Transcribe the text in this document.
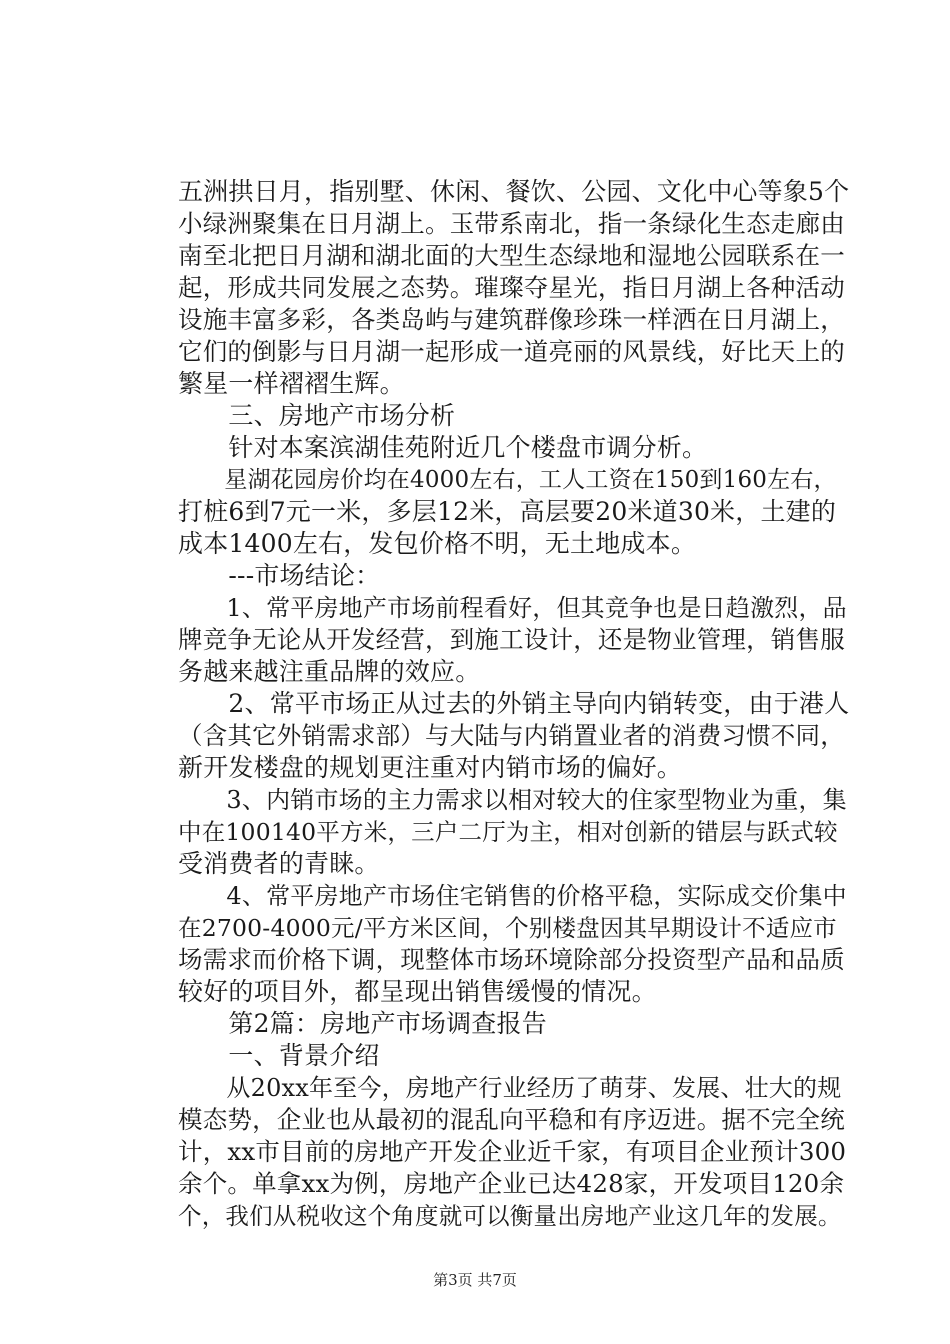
五洲拱日月，指别墅、休闲、餐饮、公园、文化中心等象5个
小绿洲聚集在日月湖上。玉带系南北，指一条绿化生态走廊由
南至北把日月湖和湖北面的大型生态绿地和湿地公园联系在一
起，形成共同发展之态势。璀璨夺星光，指日月湖上各种活动
设施丰富多彩，各类岛屿与建筑群像珍珠一样洒在日月湖上，
它们的倒影与日月湖一起形成一道亮丽的风景线，好比天上的
繁星一样褶褶生辉。
　　三、房地产市场分析
　　针对本案滨湖佳苑附近几个楼盘市调分析。
　　星湖花园房价均在4000左右，工人工资在150到160左右，
打桩6到7元一米，多层12米，高层要20米道30米，土建的
成本1400左右，发包价格不明，无土地成本。
　　---市场结论：
　　1、常平房地产市场前程看好，但其竞争也是日趋激烈，品
牌竞争无论从开发经营，到施工设计，还是物业管理，销售服
务越来越注重品牌的效应。
　　2、常平市场正从过去的外销主导向内销转变，由于港人
（含其它外销需求部）与大陆与内销置业者的消费习惯不同，
新开发楼盘的规划更注重对内销市场的偏好。
　　3、内销市场的主力需求以相对较大的住家型物业为重，集
中在100140平方米，三户二厅为主，相对创新的错层与跃式较
受消费者的青睐。
　　4、常平房地产市场住宅销售的价格平稳，实际成交价集中
在2700-4000元/平方米区间，个别楼盘因其早期设计不适应市
场需求而价格下调，现整体市场环境除部分投资型产品和品质
较好的项目外，都呈现出销售缓慢的情况。
　　第2篇：房地产市场调查报告
　　一、背景介绍
　　从20xx年至今，房地产行业经历了萌芽、发展、壮大的规
模态势，企业也从最初的混乱向平稳和有序迈进。据不完全统
计，xx市目前的房地产开发企业近千家，有项目企业预计300
余个。单拿xx为例，房地产企业已达428家，开发项目120余
个，我们从税收这个角度就可以衡量出房地产业这几年的发展。
第3页 共7页
